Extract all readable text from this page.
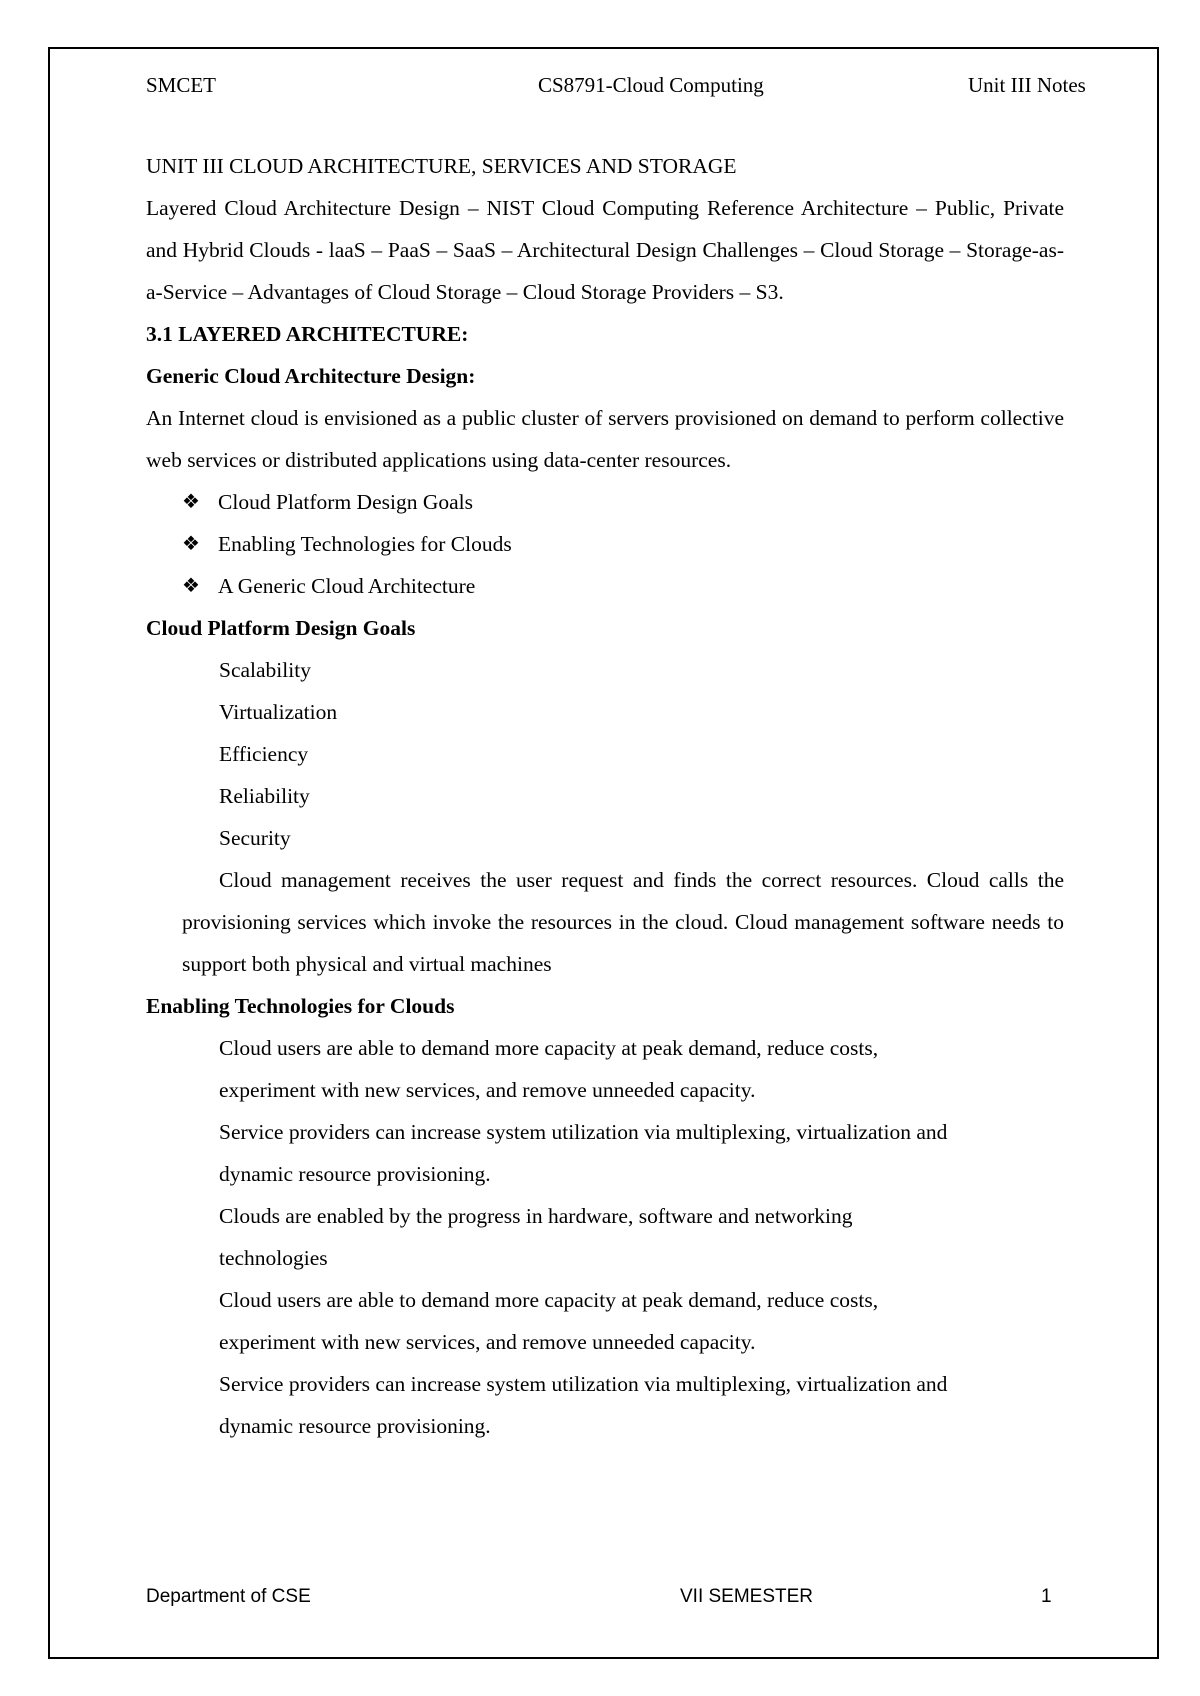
SMCET	CS8791-Cloud Computing	Unit III Notes

UNIT III CLOUD ARCHITECTURE, SERVICES AND STORAGE

Layered Cloud Architecture Design – NIST Cloud Computing Reference Architecture – Public, Private and Hybrid Clouds - laaS – PaaS – SaaS – Architectural Design Challenges – Cloud Storage – Storage-as-a-Service – Advantages of Cloud Storage – Cloud Storage Providers – S3.

3.1 LAYERED ARCHITECTURE:

Generic Cloud Architecture Design:

An Internet cloud is envisioned as a public cluster of servers provisioned on demand to perform collective web services or distributed applications using data-center resources.

❖ Cloud Platform Design Goals
❖ Enabling Technologies for Clouds
❖ A Generic Cloud Architecture

Cloud Platform Design Goals

Scalability

Virtualization

Efficiency

Reliability

Security

Cloud management receives the user request and finds the correct resources. Cloud calls the provisioning services which invoke the resources in the cloud. Cloud management software needs to support both physical and virtual machines

Enabling Technologies for Clouds

Cloud users are able to demand more capacity at peak demand, reduce costs,

experiment with new services, and remove unneeded capacity.

Service providers can increase system utilization via multiplexing, virtualization and

dynamic resource provisioning.

Clouds are enabled by the progress in hardware, software and networking

technologies

Cloud users are able to demand more capacity at peak demand, reduce costs,

experiment with new services, and remove unneeded capacity.

Service providers can increase system utilization via multiplexing, virtualization and

dynamic resource provisioning.

Department of CSE	VII SEMESTER	1
